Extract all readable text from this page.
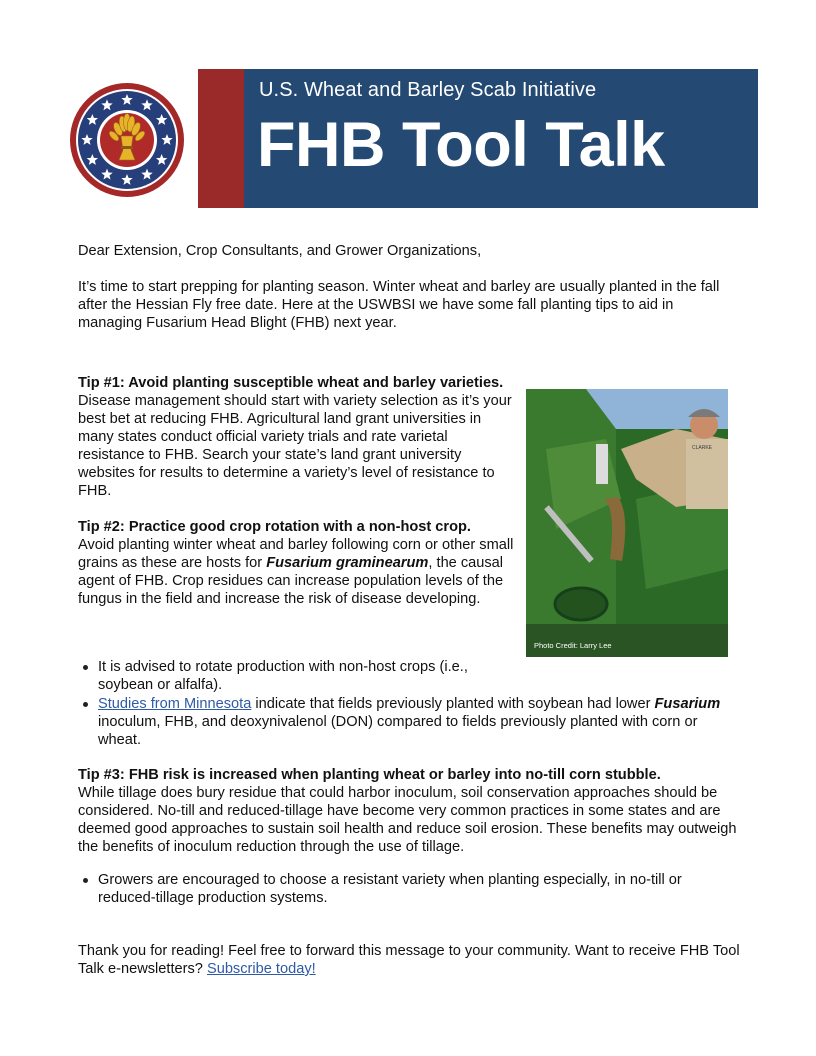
U.S. Wheat and Barley Scab Initiative
FHB Tool Talk

Dear Extension, Crop Consultants, and Grower Organizations,

It’s time to start prepping for planting season. Winter wheat and barley are usually planted in the fall after the Hessian Fly free date. Here at the USWBSI we have some fall planting tips to aid in managing Fusarium Head Blight (FHB) next year.

Tip #1: Avoid planting susceptible wheat and barley varieties.

Disease management should start with variety selection as it’s your best bet at reducing FHB. Agricultural land grant universities in many states conduct official variety trials and rate varietal resistance to FHB. Search your state’s land grant university websites for results to determine a variety’s level of resistance to FHB.

Tip #2: Practice good crop rotation with a non-host crop.

Avoid planting winter wheat and barley following corn or other small grains as these are hosts for Fusarium graminearum, the causal agent of FHB. Crop residues can increase population levels of the fungus in the field and increase the risk of disease developing.

Photo Credit: Larry Lee
CLARKE
It is advised to rotate production with non-host crops (i.e., soybean or alfalfa).
Studies from Minnesota indicate that fields previously planted with soybean had lower Fusarium inoculum, FHB, and deoxynivalenol (DON) compared to fields previously planted with corn or wheat.

Tip #3: FHB risk is increased when planting wheat or barley into no-till corn stubble.

While tillage does bury residue that could harbor inoculum, soil conservation approaches should be considered. No-till and reduced-tillage have become very common practices in some states and are deemed good approaches to sustain soil health and reduce soil erosion. These benefits may outweigh the benefits of inoculum reduction through the use of tillage.

Growers are encouraged to choose a resistant variety when planting especially, in no-till or reduced-tillage production systems.

Thank you for reading! Feel free to forward this message to your community. Want to receive FHB Tool Talk e-newsletters? Subscribe today!
